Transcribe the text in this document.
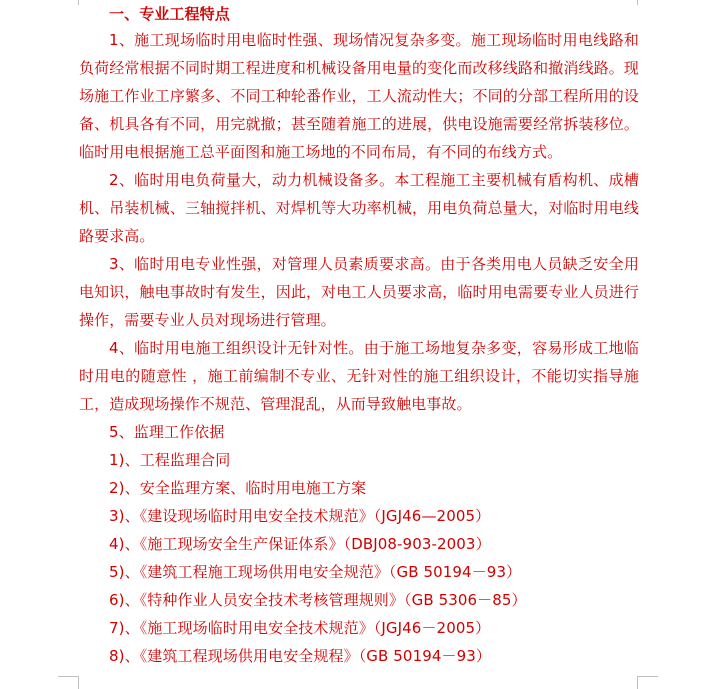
一、专业工程特点

1、施工现场临时用电临时性强、现场情况复杂多变。施工现场临时用电线路和负荷经常根据不同时期工程进度和机械设备用电量的变化而改移线路和撤消线路。现场施工作业工序繁多、不同工种轮番作业，工人流动性大；不同的分部工程所用的设备、机具各有不同，用完就撤；甚至随着施工的进展，供电设施需要经常拆装移位。临时用电根据施工总平面图和施工场地的不同布局，有不同的布线方式。

2、临时用电负荷量大，动力机械设备多。本工程施工主要机械有盾构机、成槽机、吊装机械、三轴搅拌机、对焊机等大功率机械，用电负荷总量大，对临时用电线路要求高。

3、临时用电专业性强，对管理人员素质要求高。由于各类用电人员缺乏安全用电知识，触电事故时有发生，因此，对电工人员要求高，临时用电需要专业人员进行操作，需要专业人员对现场进行管理。

4、临时用电施工组织设计无针对性。由于施工场地复杂多变，容易形成工地临时用电的随意性 ，施工前编制不专业、无针对性的施工组织设计，不能切实指导施工，造成现场操作不规范、管理混乱，从而导致触电事故。

5、监理工作依据
1)、工程监理合同
2)、安全监理方案、临时用电施工方案
3)、《建设现场临时用电安全技术规范》（JGJ46—2005）
4)、《施工现场安全生产保证体系》（DBJ08-903-2003）
5)、《建筑工程施工现场供用电安全规范》（GB 50194－93）
6)、《特种作业人员安全技术考核管理规则》（GB 5306－85）
7)、《施工现场临时用电安全技术规范》（JGJ46－2005）
8)、《建筑工程现场供用电安全规程》（GB 50194－93）
